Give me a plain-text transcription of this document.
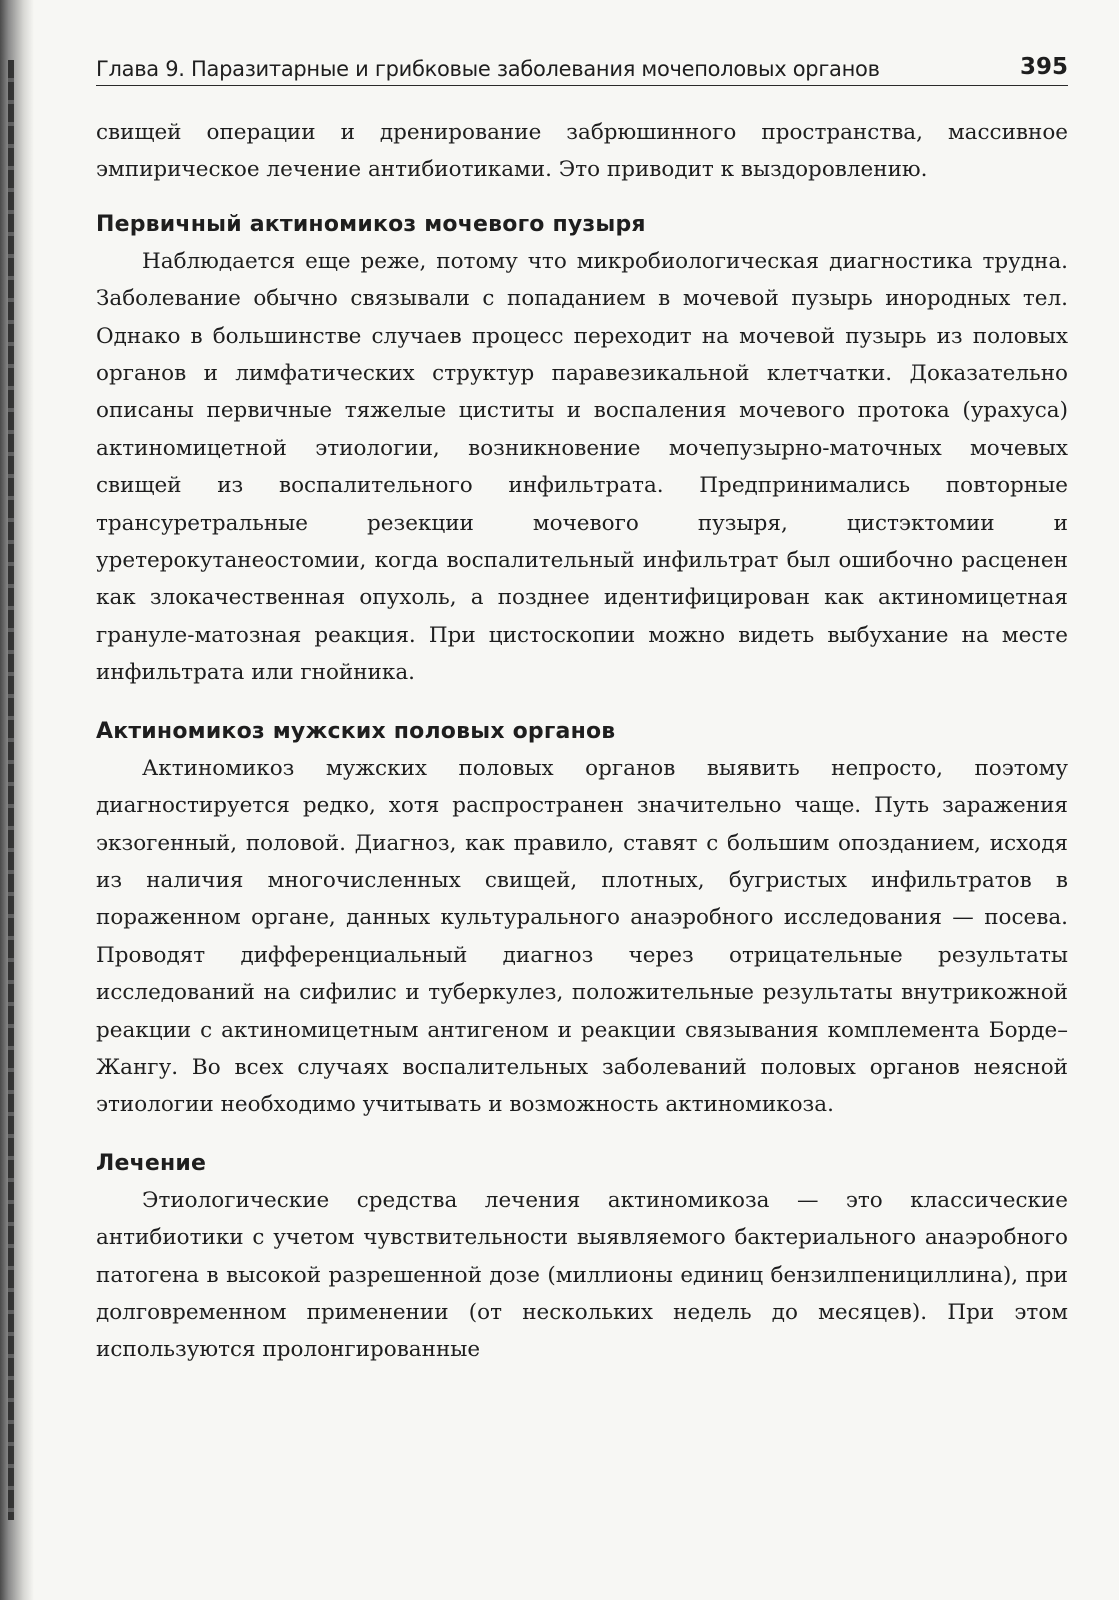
Глава 9. Паразитарные и грибковые заболевания мочеполовых органов	395

свищей операции и дренирование забрюшинного пространства, массивное эмпирическое лечение антибиотиками. Это приводит к выздоровлению.

Первичный актиномикоз мочевого пузыря

Наблюдается еще реже, потому что микробиологическая диагностика трудна. Заболевание обычно связывали с попаданием в мочевой пузырь инородных тел. Однако в большинстве случаев процесс переходит на мочевой пузырь из половых органов и лимфатических структур паравезикальной клетчатки. Доказательно описаны первичные тяжелые циститы и воспаления мочевого протока (урахуса) актиномицетной этиологии, возникновение мочепузырно-маточных мочевых свищей из воспалительного инфильтрата. Предпринимались повторные трансуретральные резекции мочевого пузыря, цистэктомии и уретерокутанеостомии, когда воспалительный инфильтрат был ошибочно расценен как злокачественная опухоль, а позднее идентифицирован как актиномицетная грануле-матозная реакция. При цистоскопии можно видеть выбухание на месте инфильтрата или гнойника.

Актиномикоз мужских половых органов

Актиномикоз мужских половых органов выявить непросто, поэтому диагностируется редко, хотя распространен значительно чаще. Путь заражения экзогенный, половой. Диагноз, как правило, ставят с большим опозданием, исходя из наличия многочисленных свищей, плотных, бугристых инфильтратов в пораженном органе, данных культурального анаэробного исследования — посева. Проводят дифференциальный диагноз через отрицательные результаты исследований на сифилис и туберкулез, положительные результаты внутрикожной реакции с актиномицетным антигеном и реакции связывания комплемента Борде–Жангу. Во всех случаях воспалительных заболеваний половых органов неясной этиологии необходимо учитывать и возможность актиномикоза.

Лечение

Этиологические средства лечения актиномикоза — это классические антибиотики с учетом чувствительности выявляемого бактериального анаэробного патогена в высокой разрешенной дозе (миллионы единиц бензилпенициллина), при долговременном применении (от нескольких недель до месяцев). При этом используются пролонгированные
